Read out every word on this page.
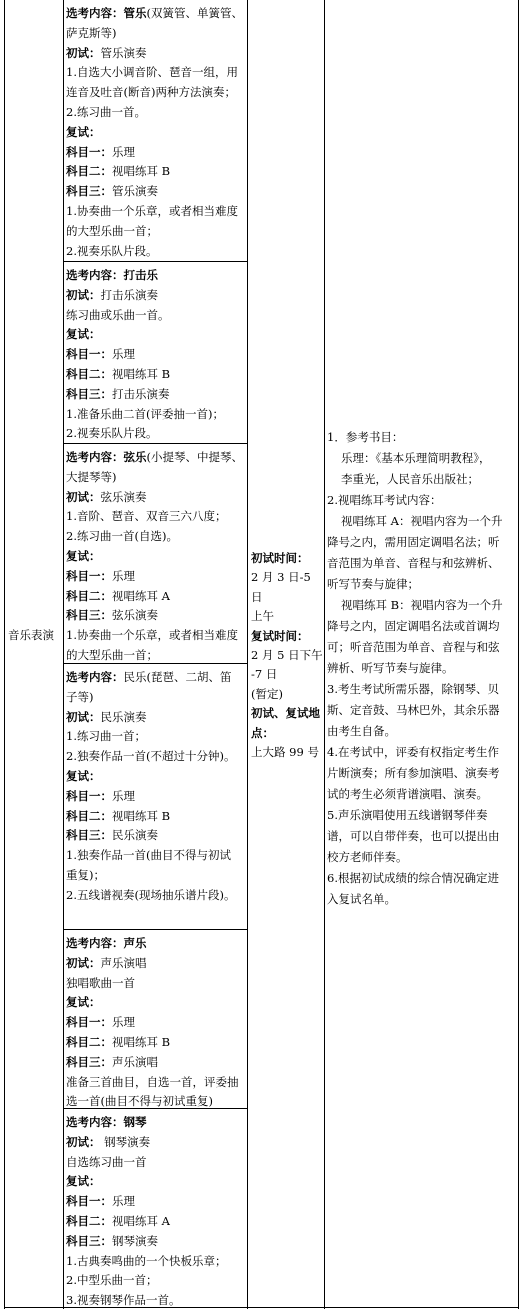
音乐表演

选考内容：管乐(双簧管、单簧管、

萨克斯等)

初试：管乐演奏

1.自选大小调音阶、琶音一组，用

连音及吐音(断音)两种方法演奏；

2.练习曲一首。

复试：

科目一：乐理

科目二：视唱练耳 B

科目三：管乐演奏

1.协奏曲一个乐章，或者相当难度

的大型乐曲一首；

2.视奏乐队片段。

选考内容：打击乐

初试：打击乐演奏

练习曲或乐曲一首。

复试：

科目一：乐理

科目二：视唱练耳 B

科目三：打击乐演奏

1.准备乐曲二首(评委抽一首)；

2.视奏乐队片段。

选考内容：弦乐(小提琴、中提琴、

大提琴等)

初试：弦乐演奏

1.音阶、琶音、双音三六八度；

2.练习曲一首(自选)。

复试：

科目一：乐理

科目二：视唱练耳 A

科目三：弦乐演奏

1.协奏曲一个乐章，或者相当难度

的大型乐曲一首；

选考内容：民乐(琵琶、二胡、笛

子等)

初试：民乐演奏

1.练习曲一首；

2.独奏作品一首(不超过十分钟)。

复试：

科目一：乐理

科目二：视唱练耳 B

科目三：民乐演奏

1.独奏作品一首(曲目不得与初试

重复)；

2.五线谱视奏(现场抽乐谱片段)。

选考内容：声乐

初试：声乐演唱

独唱歌曲一首

复试：

科目一：乐理

科目二：视唱练耳 B

科目三：声乐演唱

准备三首曲目，自选一首，评委抽

选一首(曲目不得与初试重复)

选考内容：钢琴

初试： 钢琴演奏

自选练习曲一首

复试：

科目一：乐理

科目二：视唱练耳 A

科目三：钢琴演奏

1.古典奏鸣曲的一个快板乐章；

2.中型乐曲一首；

3.视奏钢琴作品一首。

初试时间：

2 月 3 日-5 日

上午

复试时间：

2 月 5 日下午

-7 日

(暂定)

初试、复试地

点：

上大路 99 号

1．参考书目：

乐理：《基本乐理简明教程》，

李重光，人民音乐出版社；

2.视唱练耳考试内容：

视唱练耳 A：视唱内容为一个升

降号之内，需用固定调唱名法；听

音范围为单音、音程与和弦辨析、

听写节奏与旋律；

视唱练耳 B：视唱内容为一个升

降号之内，固定调唱名法或首调均

可；听音范围为单音、音程与和弦

辨析、听写节奏与旋律。

3.考生考试所需乐器，除钢琴、贝

斯、定音鼓、马林巴外，其余乐器

由考生自备。

4.在考试中，评委有权指定考生作

片断演奏；所有参加演唱、演奏考

试的考生必须背谱演唱、演奏。

5.声乐演唱使用五线谱钢琴伴奏

谱，可以自带伴奏，也可以提出由

校方老师伴奏。

6.根据初试成绩的综合情况确定进

入复试名单。
